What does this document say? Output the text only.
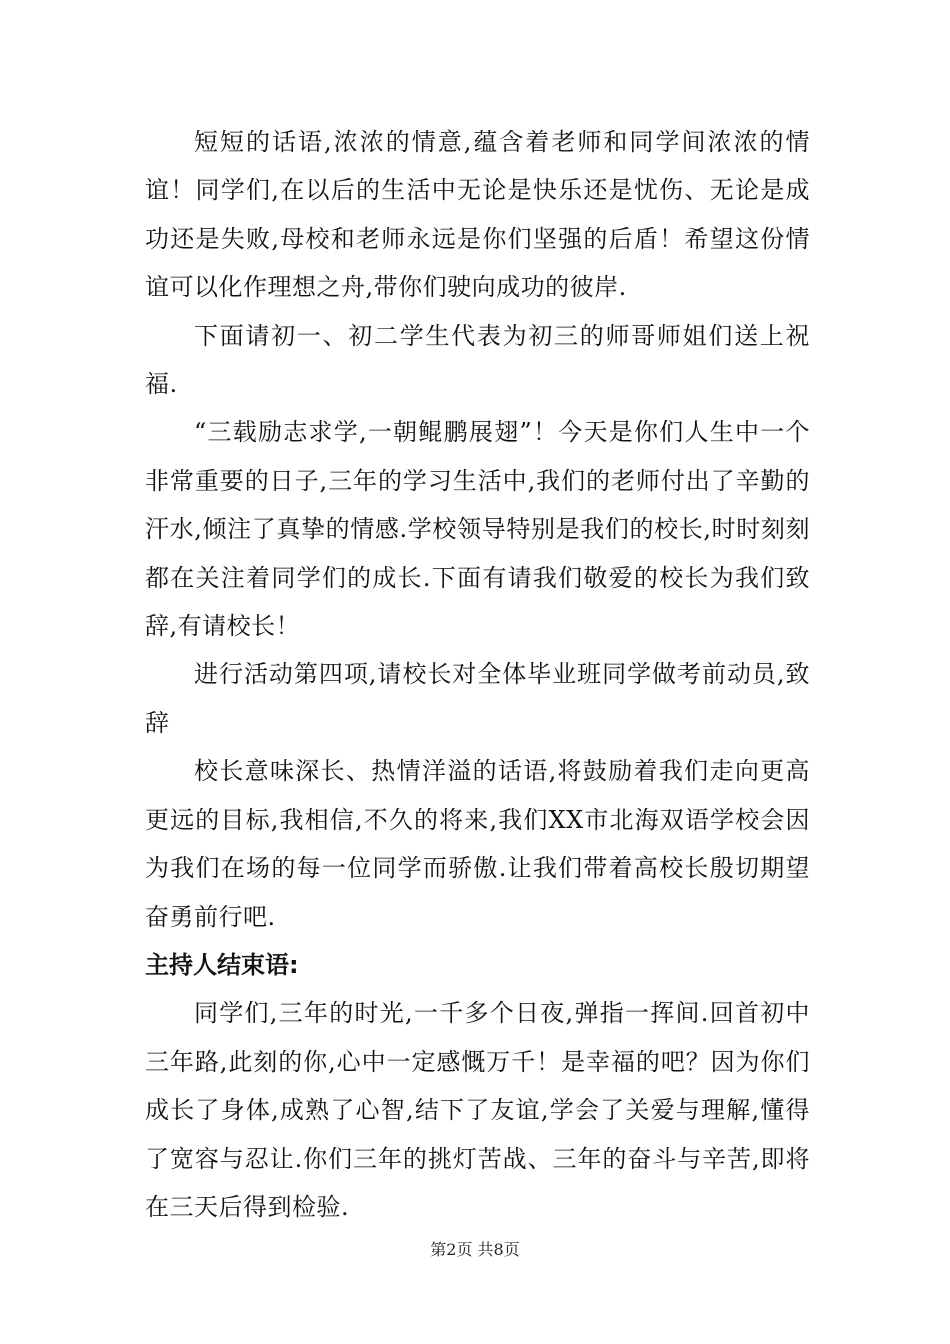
短短的话语,浓浓的情意,蕴含着老师和同学间浓浓的情谊！同学们,在以后的生活中无论是快乐还是忧伤、无论是成功还是失败,母校和老师永远是你们坚强的后盾！希望这份情谊可以化作理想之舟,带你们驶向成功的彼岸.

下面请初一、初二学生代表为初三的师哥师姐们送上祝福.

“三载励志求学,一朝鲲鹏展翅”！今天是你们人生中一个非常重要的日子,三年的学习生活中,我们的老师付出了辛勤的汗水,倾注了真挚的情感.学校领导特别是我们的校长,时时刻刻都在关注着同学们的成长.下面有请我们敬爱的校长为我们致辞,有请校长！

进行活动第四项,请校长对全体毕业班同学做考前动员,致辞

校长意味深长、热情洋溢的话语,将鼓励着我们走向更高更远的目标,我相信,不久的将来,我们XX市北海双语学校会因为我们在场的每一位同学而骄傲.让我们带着高校长殷切期望奋勇前行吧.

主持人结束语:

同学们,三年的时光,一千多个日夜,弹指一挥间.回首初中三年路,此刻的你,心中一定感慨万千！是幸福的吧？因为你们成长了身体,成熟了心智,结下了友谊,学会了关爱与理解,懂得了宽容与忍让.你们三年的挑灯苦战、三年的奋斗与辛苦,即将在三天后得到检验.

第2页 共8页
